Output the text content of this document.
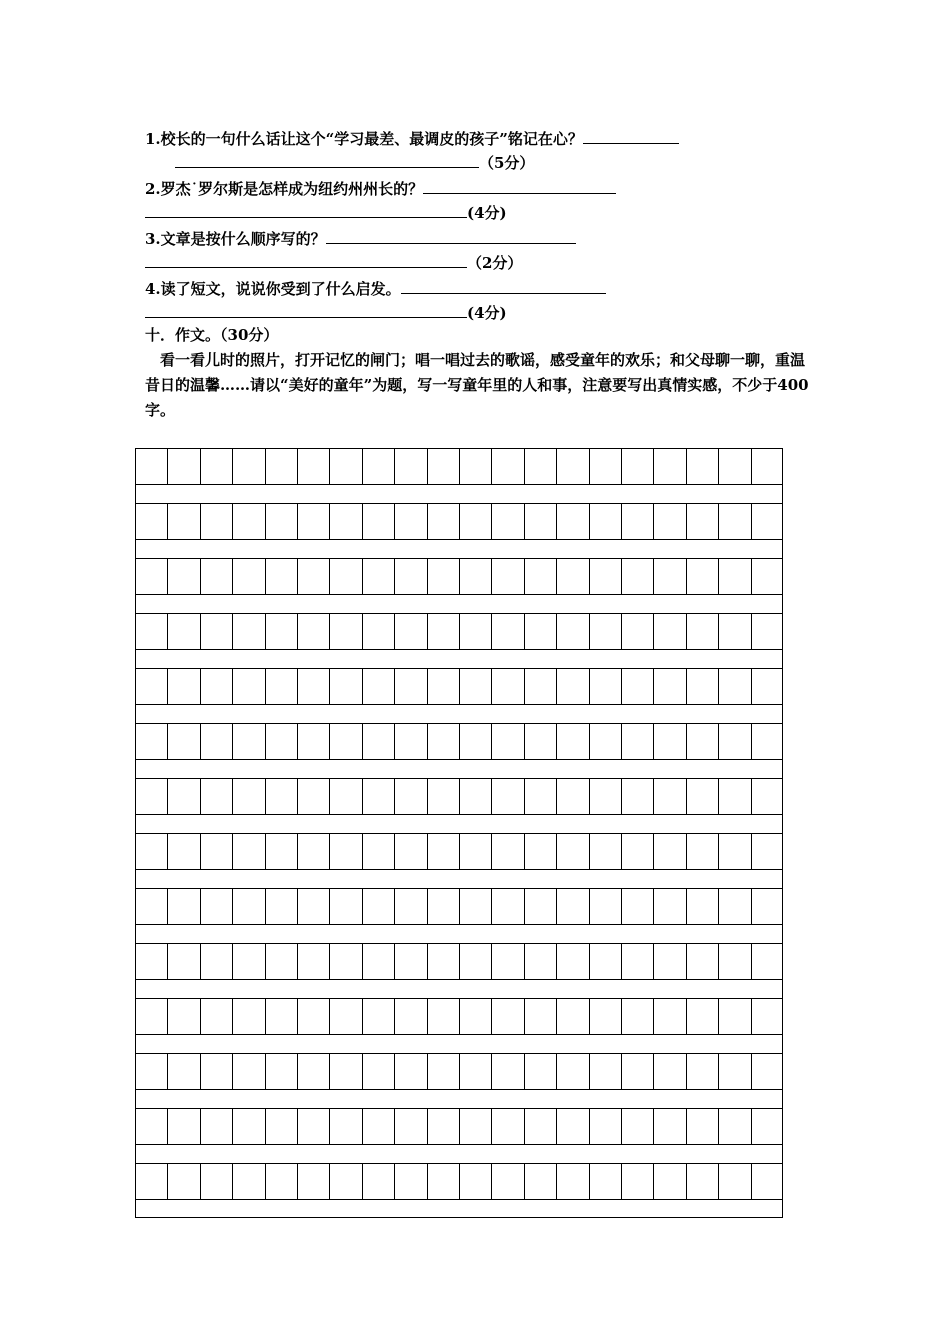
1.校长的一句什么话让这个“学习最差、最调皮的孩子”铭记在心？
（5分）
2.罗杰˙罗尔斯是怎样成为纽约州州长的？
(4分)
3.文章是按什么顺序写的？
（2分）
4.读了短文，说说你受到了什么启发。
(4分)
十．作文。（30分）
看一看儿时的照片，打开记忆的闸门；唱一唱过去的歌谣，感受童年的欢乐；和父母聊一聊，重温昔日的温馨……请以“美好的童年”为题，写一写童年里的人和事，注意要写出真情实感，不少于400字。
